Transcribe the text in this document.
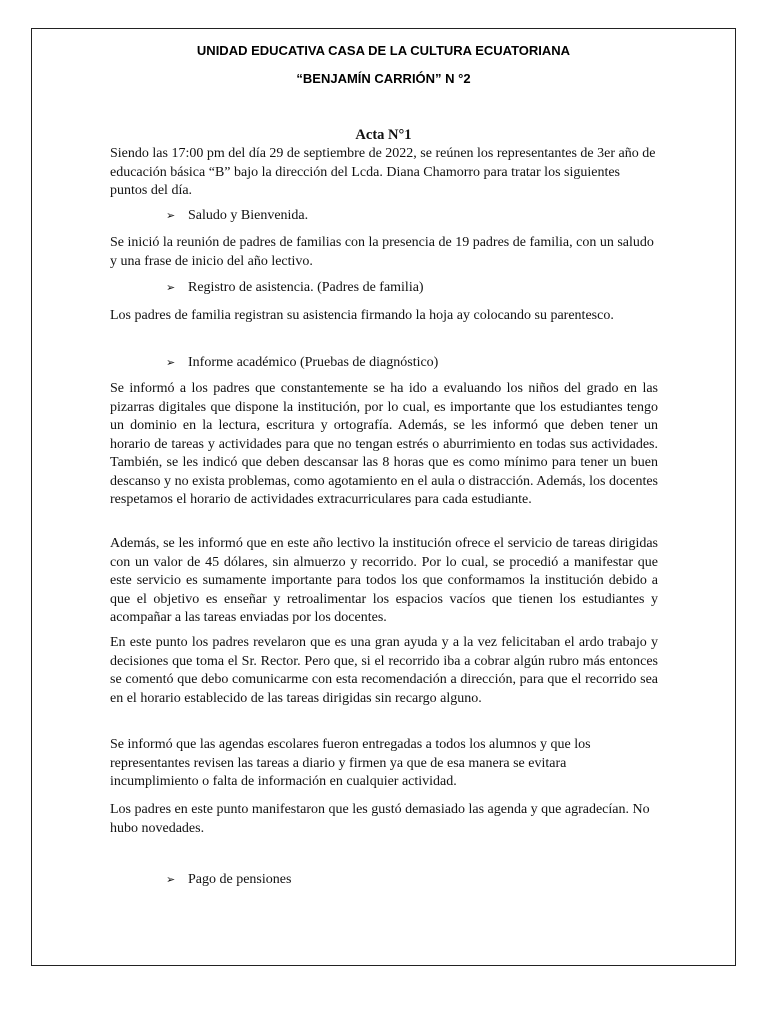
UNIDAD EDUCATIVA CASA DE LA CULTURA ECUATORIANA
“BENJAMÍN CARRIÓN” N °2
Acta N°1

Siendo las 17:00 pm del día 29 de septiembre de 2022, se reúnen los representantes de 3er año de educación básica “B” bajo la dirección del Lcda. Diana Chamorro para tratar los siguientes puntos del día.

➢ Saludo y Bienvenida.

Se inició la reunión de padres de familias con la presencia de 19 padres de familia, con un saludo y una frase de inicio del año lectivo.

➢ Registro de asistencia. (Padres de familia)

Los padres de familia registran su asistencia firmando la hoja ay colocando su parentesco.

➢ Informe académico (Pruebas de diagnóstico)

Se informó a los padres que constantemente se ha ido a evaluando los niños del grado en las pizarras digitales que dispone la institución, por lo cual, es importante que los estudiantes tengo un dominio en la lectura, escritura y ortografía. Además, se les informó que deben tener un horario de tareas y actividades para que no tengan estrés o aburrimiento en todas sus actividades. También, se les indicó que deben descansar las 8 horas que es como mínimo para tener un buen descanso y no exista problemas, como agotamiento en el aula o distracción. Además, los docentes respetamos el horario de actividades extracurriculares para cada estudiante.

Además, se les informó que en este año lectivo la institución ofrece el servicio de tareas dirigidas con un valor de 45 dólares, sin almuerzo y recorrido. Por lo cual, se procedió a manifestar que este servicio es sumamente importante para todos los que conformamos la institución debido a que el objetivo es enseñar y retroalimentar los espacios vacíos que tienen los estudiantes y acompañar a las tareas enviadas por los docentes.

En este punto los padres revelaron que es una gran ayuda y a la vez felicitaban el ardo trabajo y decisiones que toma el Sr. Rector. Pero que, si el recorrido iba a cobrar algún rubro más entonces se comentó que debo comunicarme con esta recomendación a dirección, para que el recorrido sea en el horario establecido de las tareas dirigidas sin recargo alguno.

Se informó que las agendas escolares fueron entregadas a todos los alumnos y que los representantes revisen las tareas a diario y firmen ya que de esa manera se evitara incumplimiento o falta de información en cualquier actividad.

Los padres en este punto manifestaron que les gustó demasiado las agenda y que agradecían. No hubo novedades.

➢ Pago de pensiones
